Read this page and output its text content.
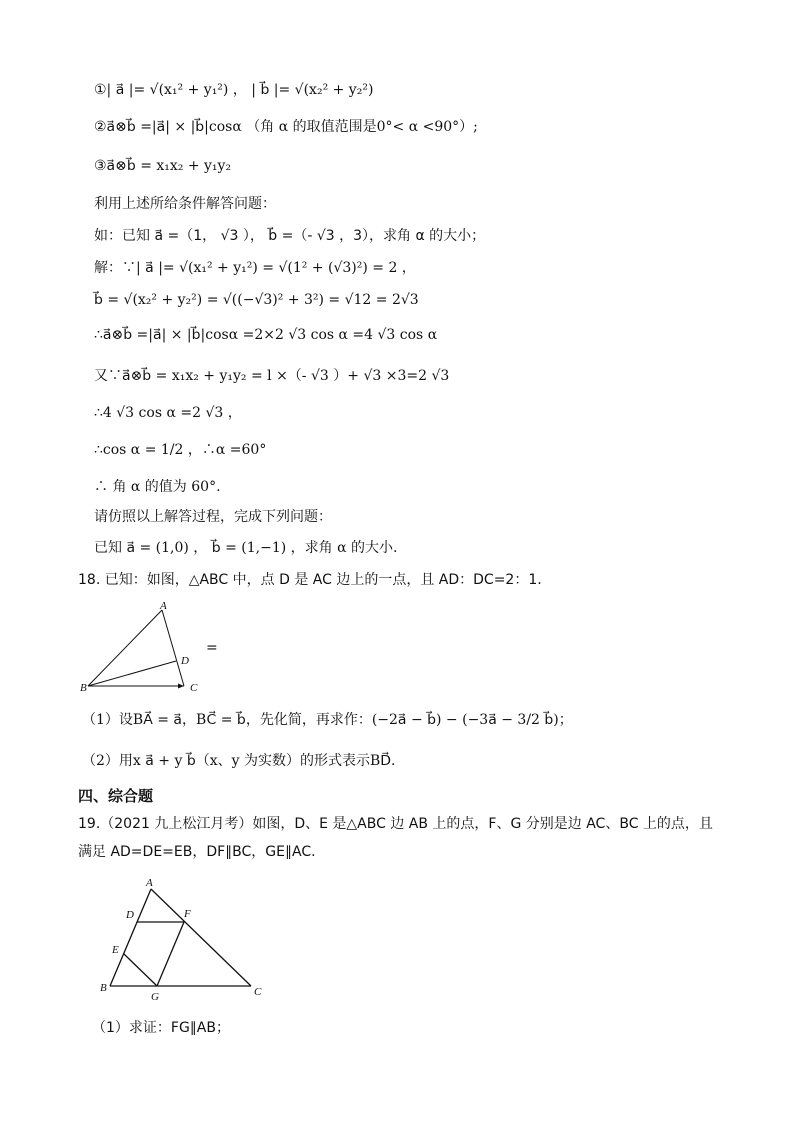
①| a⃗ |= √(x₁² + y₁²) ， | b⃗ |= √(x₂² + y₂²)
②a⃗⊗b⃗ =|a⃗| × |b⃗|cosα （角 α 的取值范围是0°< α <90°）;
③a⃗⊗b⃗ = x₁x₂ + y₁y₂
利用上述所给条件解答问题：
如：已知 a⃗ =（1， √3 ）， b⃗ =（- √3 ，3），求角 α 的大小；
解：∵| a⃗ |= √(x₁² + y₁²) = √(1² + (√3)²) = 2 ，
b⃗ = √(x₂² + y₂²) = √((−√3)² + 3²) = √12 = 2√3
∴a⃗⊗b⃗ =|a⃗| × |b⃗|cosα =2×2 √3 cos α =4 √3 cos α
又∵a⃗⊗b⃗ = x₁x₂ + y₁y₂ = l ×（- √3 ）+ √3 ×3=2 √3
∴4 √3 cos α =2 √3 ，
∴cos α = 1/2 ，∴α =60°
∴ 角 α 的值为 60°.
请仿照以上解答过程，完成下列问题：
已知 a⃗ = (1,0) ， b⃗ = (1,−1) ，求角 α 的大小.
18. 已知：如图，△ABC 中，点 D 是 AC 边上的一点，且 AD：DC=2：1.
A
B	C
D
=
（1）设BA⃗ = a⃗，BC⃗ = b⃗，先化简，再求作：(−2a⃗ − b⃗) − (−3a⃗ − 3/2 b⃗)；
（2）用x a⃗ + y b⃗（x、y 为实数）的形式表示BD⃗.
四、综合题
19.（2021 九上松江月考）如图，D、E 是△ABC 边 AB 上的点，F、G 分别是边 AC、BC 上的点，且
满足 AD=DE=EB，DF∥BC，GE∥AC.
A
B	C
D
E
F
G
（1）求证：FG∥AB；
